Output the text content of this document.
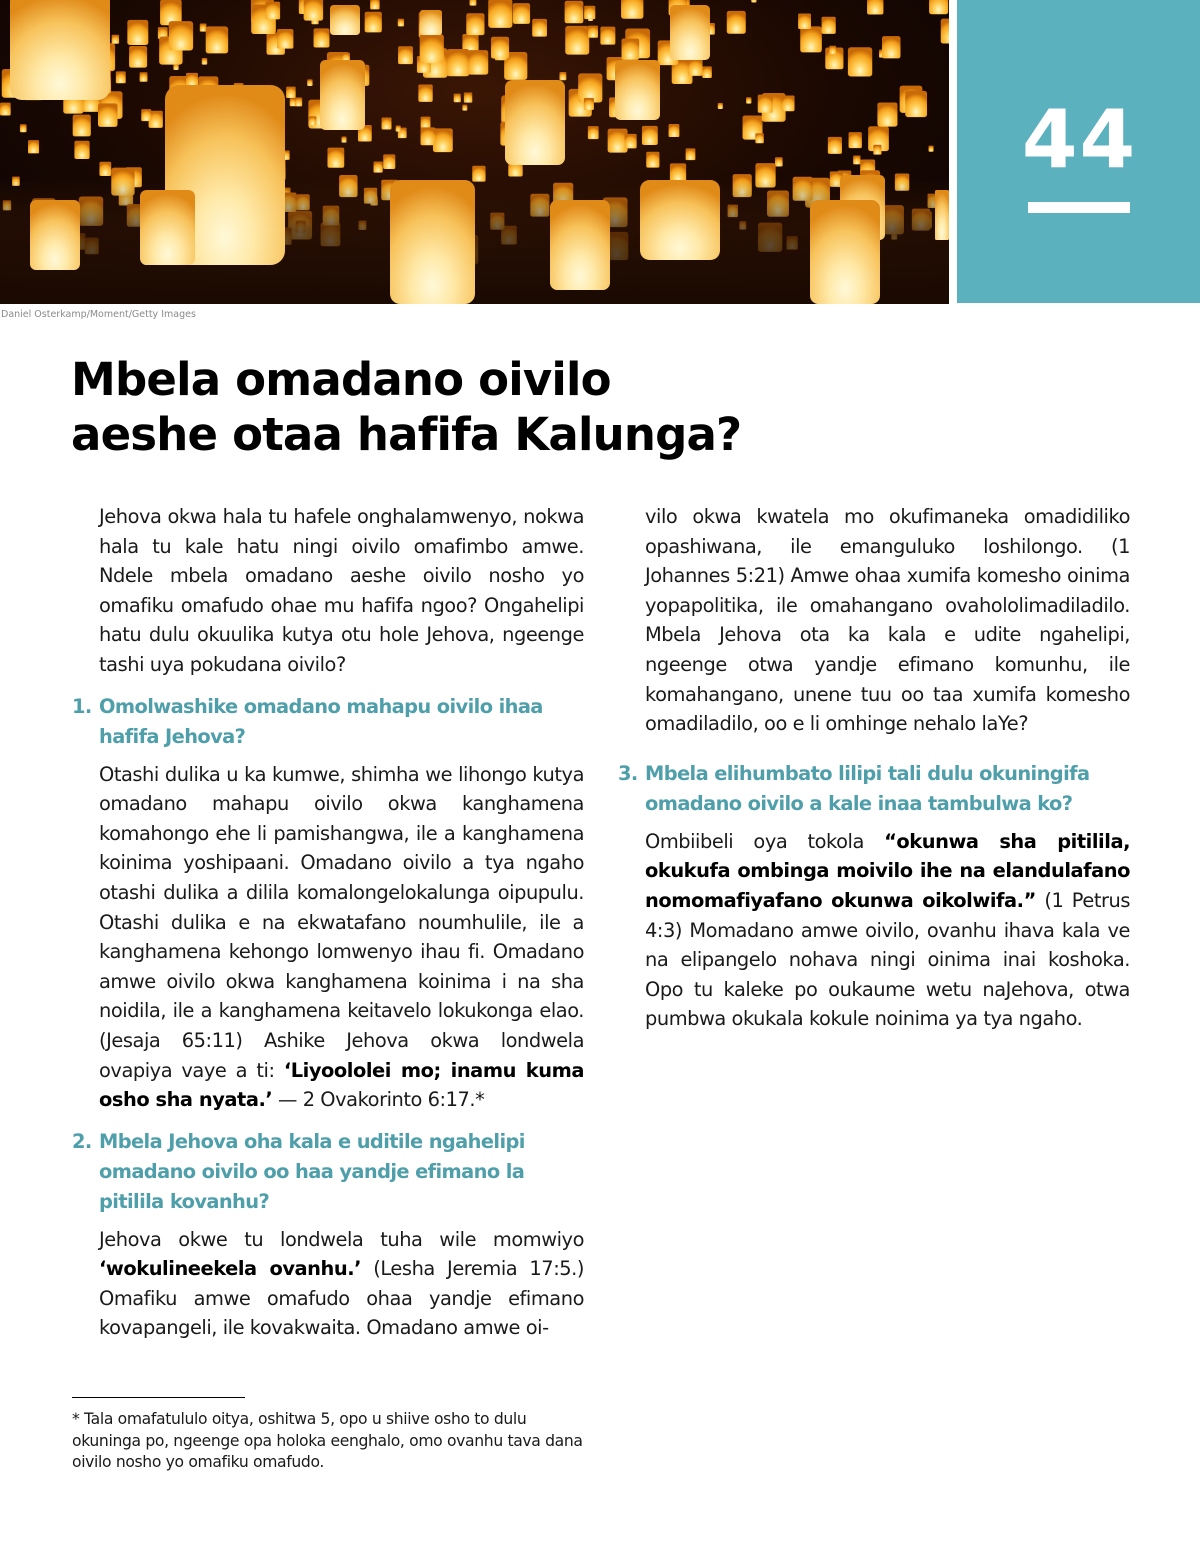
44
Daniel Osterkamp/Moment/Getty Images
Mbela omadano oivilo
aeshe otaa hafifa Kalunga?

Jehova okwa hala tu hafele onghalamwenyo, nokwa hala tu kale hatu ningi oivilo omafimbo amwe. Ndele mbela omadano aeshe oivilo nosho yo omafiku omafudo ohae mu hafifa ngoo? Ongahelipi hatu dulu okuulika kutya otu hole Jehova, ngeenge tashi uya pokudana oivilo?

1. Omolwashike omadano mahapu oivilo ihaa hafifa Jehova?

Otashi dulika u ka kumwe, shimha we lihongo kutya omadano mahapu oivilo okwa kanghamena komahongo ehe li pamishangwa, ile a kanghamena koinima yoshipaani. Omadano oivilo a tya ngaho otashi dulika a dilila komalongelokalunga oipupulu. Otashi dulika e na ekwatafano noumhulile, ile a kanghamena kehongo lomwenyo ihau fi. Omadano amwe oivilo okwa kanghamena koinima i na sha noidila, ile a kanghamena keitavelo lokukonga elao. (Jesaja 65:11) Ashike Jehova okwa londwela ovapiya vaye a ti: ‘Liyoololei mo; inamu kuma osho sha nyata.’ — 2 Ovakorinto 6:17.*

2. Mbela Jehova oha kala e uditile ngahelipi omadano oivilo oo haa yandje efimano la pitilila kovanhu?

Jehova okwe tu londwela tuha wile momwiyo ‘wokulineekela ovanhu.’ (Lesha Jeremia 17:5.) Omafiku amwe omafudo ohaa yandje efimano kovapangeli, ile kovakwaita. Omadano amwe oi-

vilo okwa kwatela mo okufimaneka omadidiliko opashiwana, ile emanguluko loshilongo. (1 Johannes 5:21) Amwe ohaa xumifa komesho oinima yopapolitika, ile omahangano ovahololimadiladilo. Mbela Jehova ota ka kala e udite ngahelipi, ngeenge otwa yandje efimano komunhu, ile komahangano, unene tuu oo taa xumifa komesho omadiladilo, oo e li omhinge nehalo laYe?

3. Mbela elihumbato lilipi tali dulu okuningifa omadano oivilo a kale inaa tambulwa ko?

Ombiibeli oya tokola “okunwa sha pitilila, okukufa ombinga moivilo ihe na elandulafano nomomafiyafano okunwa oikolwifa.” (1 Petrus 4:3) Momadano amwe oivilo, ovanhu ihava kala ve na elipangelo nohava ningi oinima inai koshoka. Opo tu kaleke po oukaume wetu naJehova, otwa pumbwa okukala kokule noinima ya tya ngaho.

* Tala omafatululo oitya, oshitwa 5, opo u shiive osho to dulu okuninga po, ngeenge opa holoka eenghalo, omo ovanhu tava dana oivilo nosho yo omafiku omafudo.
